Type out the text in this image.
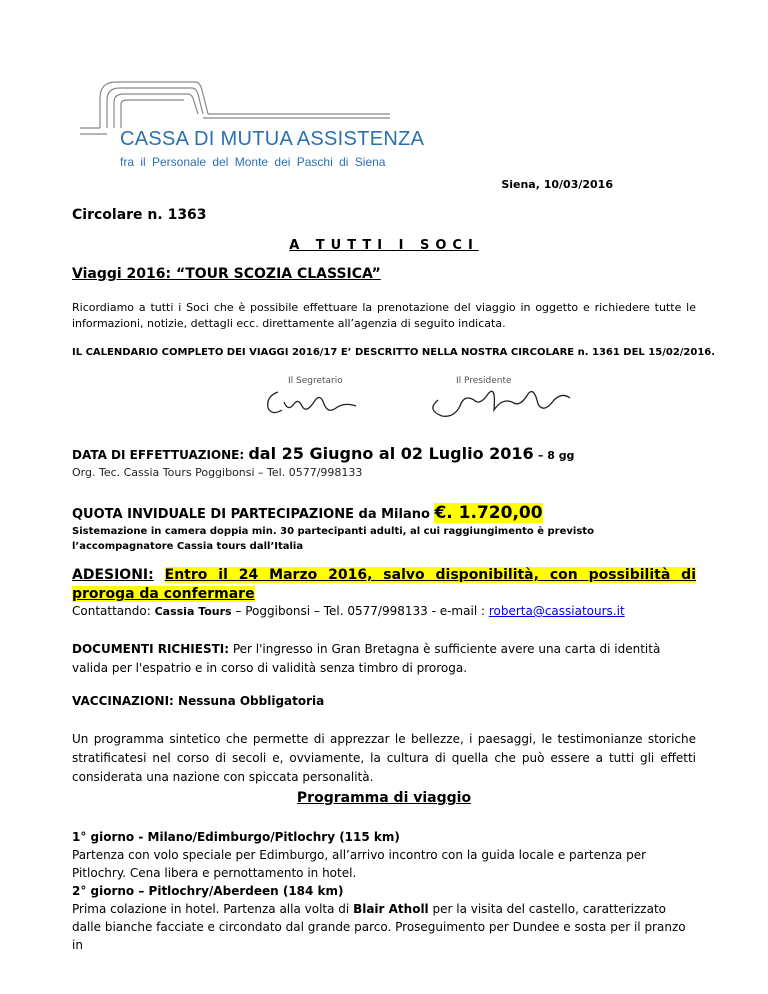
CASSA DI MUTUA ASSISTENZA
fra il Personale del Monte dei Paschi di Siena
Siena, 10/03/2016
Circolare n. 1363
A TUTTI I SOCI
Viaggi 2016: “TOUR SCOZIA CLASSICA”
Ricordiamo a tutti i Soci che è possibile effettuare la prenotazione del viaggio in oggetto e richiedere tutte le informazioni, notizie, dettagli ecc. direttamente all’agenzia di seguito indicata.
IL CALENDARIO COMPLETO DEI VIAGGI 2016/17 E’ DESCRITTO NELLA NOSTRA CIRCOLARE n. 1361 DEL 15/02/2016.
Il Segretario	Il Presidente
DATA DI EFFETTUAZIONE: dal 25 Giugno al 02 Luglio 2016 – 8 gg
Org. Tec. Cassia Tours Poggibonsi – Tel. 0577/998133
QUOTA INVIDUALE DI PARTECIPAZIONE da Milano €. 1.720,00
Sistemazione in camera doppia min. 30 partecipanti adulti, al cui raggiungimento è previsto l’accompagnatore Cassia tours dall’Italia
ADESIONI: Entro il 24 Marzo 2016, salvo disponibilità, con possibilità di proroga da confermare
Contattando: Cassia Tours – Poggibonsi – Tel. 0577/998133 - e-mail : roberta@cassiatours.it
DOCUMENTI RICHIESTI: Per l'ingresso in Gran Bretagna è sufficiente avere una carta di identità valida per l'espatrio e in corso di validità senza timbro di proroga.
VACCINAZIONI: Nessuna Obbligatoria
Un programma sintetico che permette di apprezzar le bellezze, i paesaggi, le testimonianze storiche stratificatesi nel corso di secoli e, ovviamente, la cultura di quella che può essere a tutti gli effetti considerata una nazione con spiccata personalità.
Programma di viaggio
1° giorno - Milano/Edimburgo/Pitlochry (115 km)
Partenza con volo speciale per Edimburgo, all’arrivo incontro con la guida locale e partenza per Pitlochry. Cena libera e pernottamento in hotel.
2° giorno – Pitlochry/Aberdeen (184 km)
Prima colazione in hotel. Partenza alla volta di Blair Atholl per la visita del castello, caratterizzato dalle bianche facciate e circondato dal grande parco. Proseguimento per Dundee e sosta per il pranzo in
